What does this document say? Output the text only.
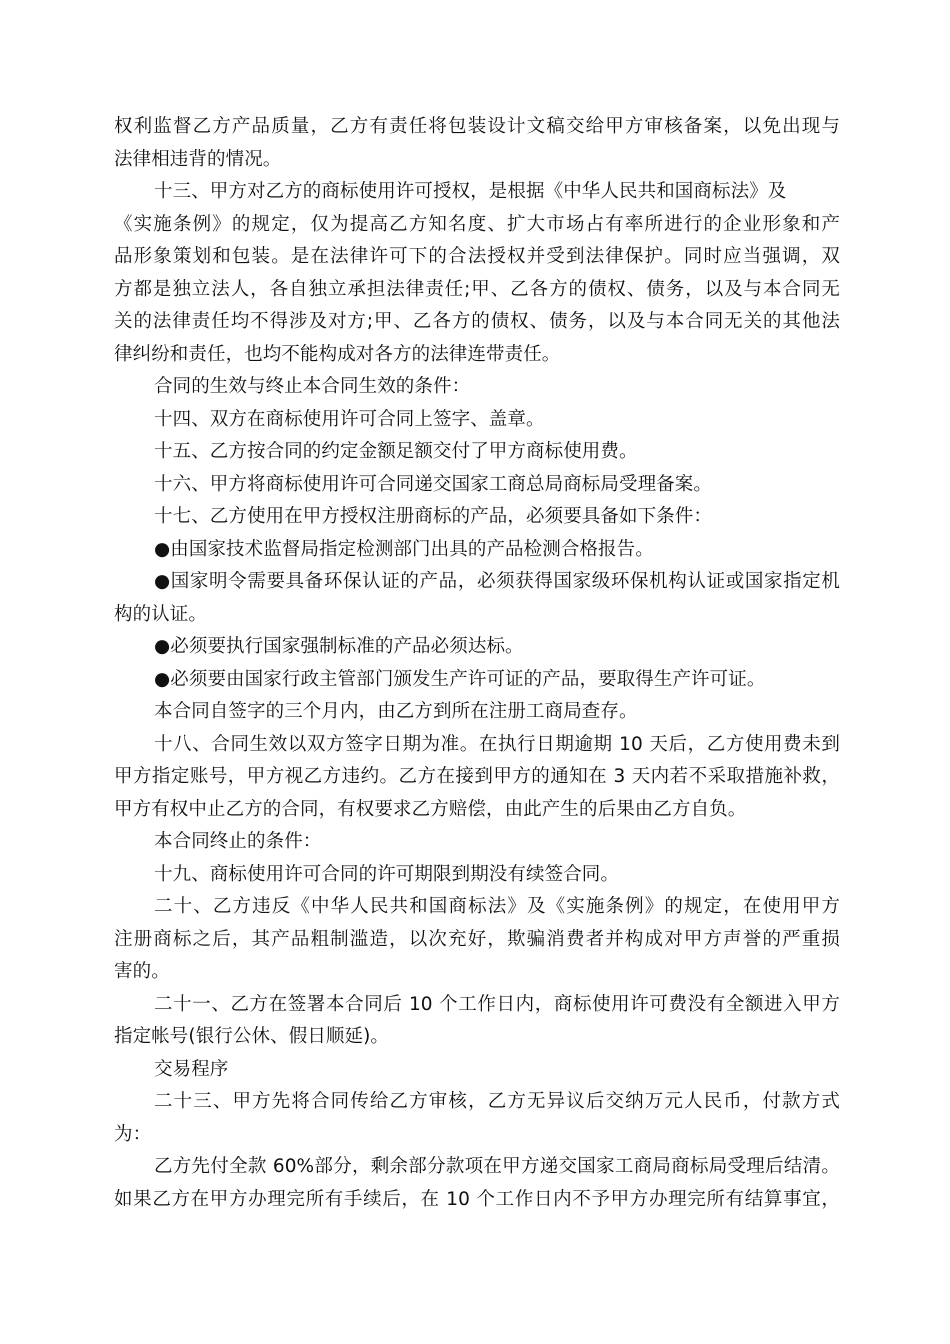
权利监督乙方产品质量，乙方有责任将包装设计文稿交给甲方审核备案，以免出现与
法律相违背的情况。
十三、甲方对乙方的商标使用许可授权，是根据《中华人民共和国商标法》及
《实施条例》的规定，仅为提高乙方知名度、扩大市场占有率所进行的企业形象和产
品形象策划和包装。是在法律许可下的合法授权并受到法律保护。同时应当强调，双
方都是独立法人，各自独立承担法律责任;甲、乙各方的债权、债务，以及与本合同无
关的法律责任均不得涉及对方;甲、乙各方的债权、债务，以及与本合同无关的其他法
律纠纷和责任，也均不能构成对各方的法律连带责任。
合同的生效与终止本合同生效的条件：
十四、双方在商标使用许可合同上签字、盖章。
十五、乙方按合同的约定金额足额交付了甲方商标使用费。
十六、甲方将商标使用许可合同递交国家工商总局商标局受理备案。
十七、乙方使用在甲方授权注册商标的产品，必须要具备如下条件：
●由国家技术监督局指定检测部门出具的产品检测合格报告。
●国家明令需要具备环保认证的产品，必须获得国家级环保机构认证或国家指定机
构的认证。
●必须要执行国家强制标准的产品必须达标。
●必须要由国家行政主管部门颁发生产许可证的产品，要取得生产许可证。
本合同自签字的三个月内，由乙方到所在注册工商局查存。
十八、合同生效以双方签字日期为准。在执行日期逾期 10 天后，乙方使用费未到
甲方指定账号，甲方视乙方违约。乙方在接到甲方的通知在 3 天内若不采取措施补救，
甲方有权中止乙方的合同，有权要求乙方赔偿，由此产生的后果由乙方自负。
本合同终止的条件：
十九、商标使用许可合同的许可期限到期没有续签合同。
二十、乙方违反《中华人民共和国商标法》及《实施条例》的规定，在使用甲方
注册商标之后，其产品粗制滥造，以次充好，欺骗消费者并构成对甲方声誉的严重损
害的。
二十一、乙方在签署本合同后 10 个工作日内，商标使用许可费没有全额进入甲方
指定帐号(银行公休、假日顺延)。
交易程序
二十三、甲方先将合同传给乙方审核，乙方无异议后交纳万元人民币，付款方式
为：
乙方先付全款 60%部分，剩余部分款项在甲方递交国家工商局商标局受理后结清。
如果乙方在甲方办理完所有手续后，在 10 个工作日内不予甲方办理完所有结算事宜，
